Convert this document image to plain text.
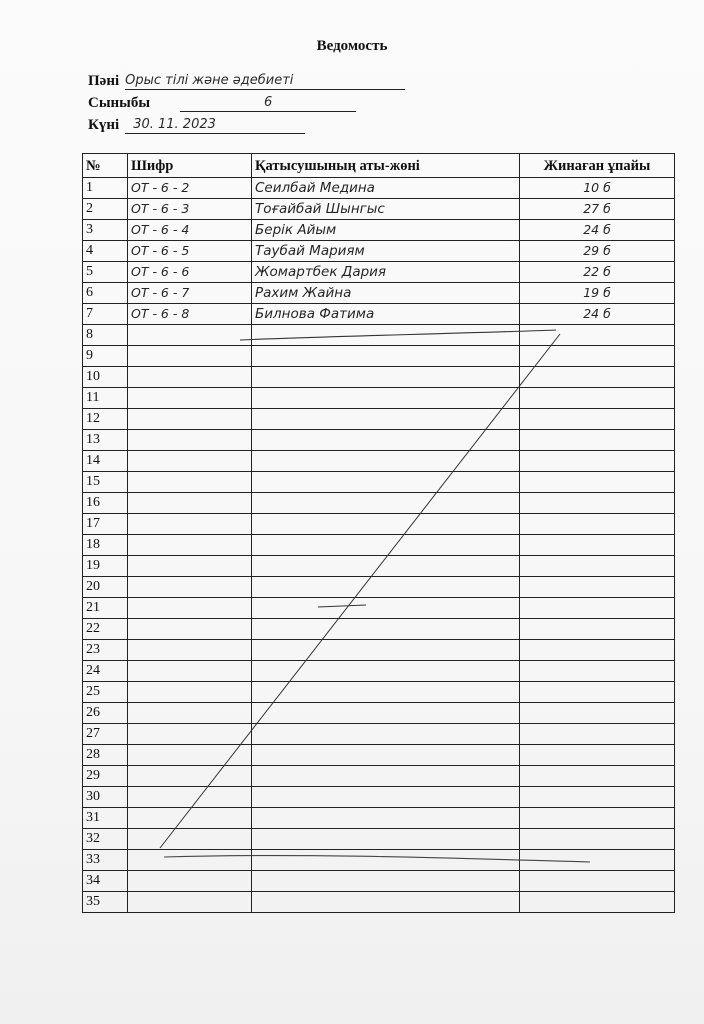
Ведомость
Пәні Орыс тілі және әдебиеті
Сыныбы	6
Күні 30. 11. 2023
№	Шифр	Қатысушының аты-жөні	Жинаған ұпайы
1	ОТ - 6 - 2	Сеилбай Медина	10 б
2	ОТ - 6 - 3	Тоғайбай Шынгыс	27 б
3	ОТ - 6 - 4	Берік Айым	24 б
4	ОТ - 6 - 5	Таубай Мариям	29 б
5	ОТ - 6 - 6	Жомартбек Дария	22 б
6	ОТ - 6 - 7	Рахим Жайна	19 б
7	ОТ - 6 - 8	Билнова Фатима	24 б
8			
9			
10			
11			
12			
13			
14			
15			
16			
17			
18			
19			
20			
21			
22			
23			
24			
25			
26			
27			
28			
29			
30			
31			
32			
33			
34			
35			
